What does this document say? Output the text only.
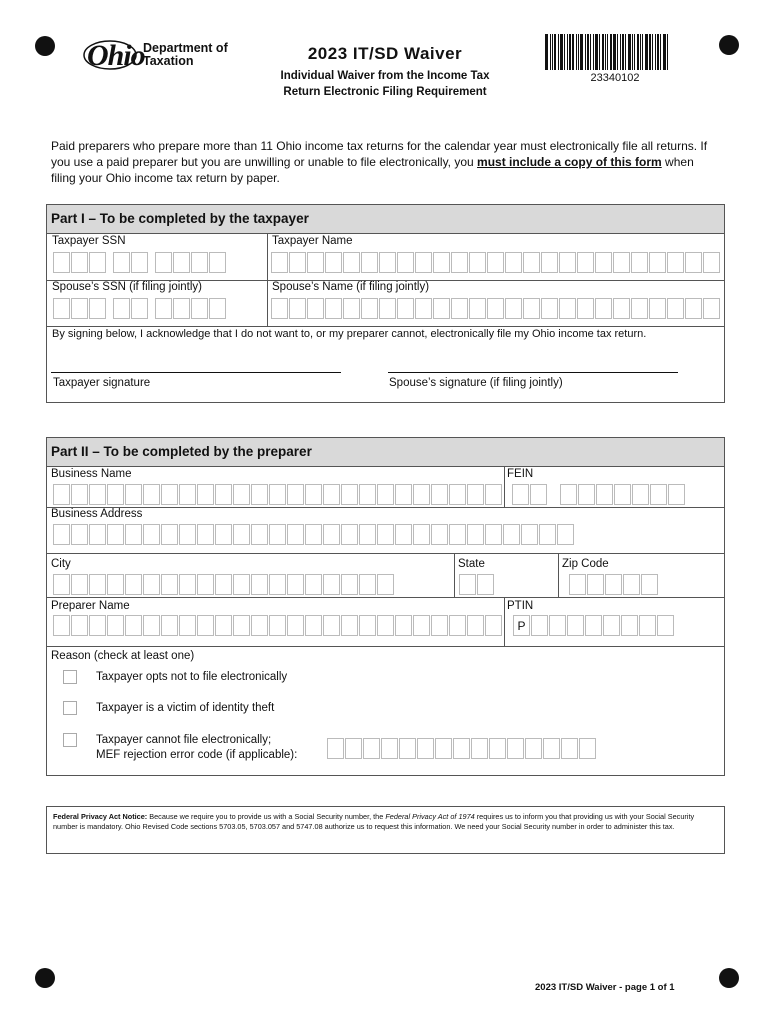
Ohio
Department of
Taxation	2023 IT/SD Waiver
Individual Waiver from the Income Tax
Return Electronic Filing Requirement
23340102
Paid preparers who prepare more than 11 Ohio income tax returns for the calendar year must electronically file all returns. If you use a paid preparer but you are unwilling or unable to file electronically, you must include a copy of this form when filing your Ohio income tax return by paper.
Part I – To be completed by the taxpayer
Taxpayer SSN	Taxpayer Name
Spouse’s SSN (if filing jointly)	Spouse’s Name (if filing jointly)
By signing below, I acknowledge that I do not want to, or my preparer cannot, electronically file my Ohio income tax return.
Taxpayer signature	Spouse’s signature (if filing jointly)
Part II – To be completed by the preparer
Business Name	FEIN
Business Address
City	State	Zip Code
Preparer Name	PTIN
P
Reason (check at least one)
Taxpayer opts not to file electronically
Taxpayer is a victim of identity theft
Taxpayer cannot file electronically;
MEF rejection error code (if applicable):
Federal Privacy Act Notice: Because we require you to provide us with a Social Security number, the Federal Privacy Act of 1974 requires us to inform you that providing us with your Social Security number is mandatory. Ohio Revised Code sections 5703.05, 5703.057 and 5747.08 authorize us to request this information. We need your Social Security number in order to administer this tax.
2023 IT/SD Waiver - page 1 of 1
